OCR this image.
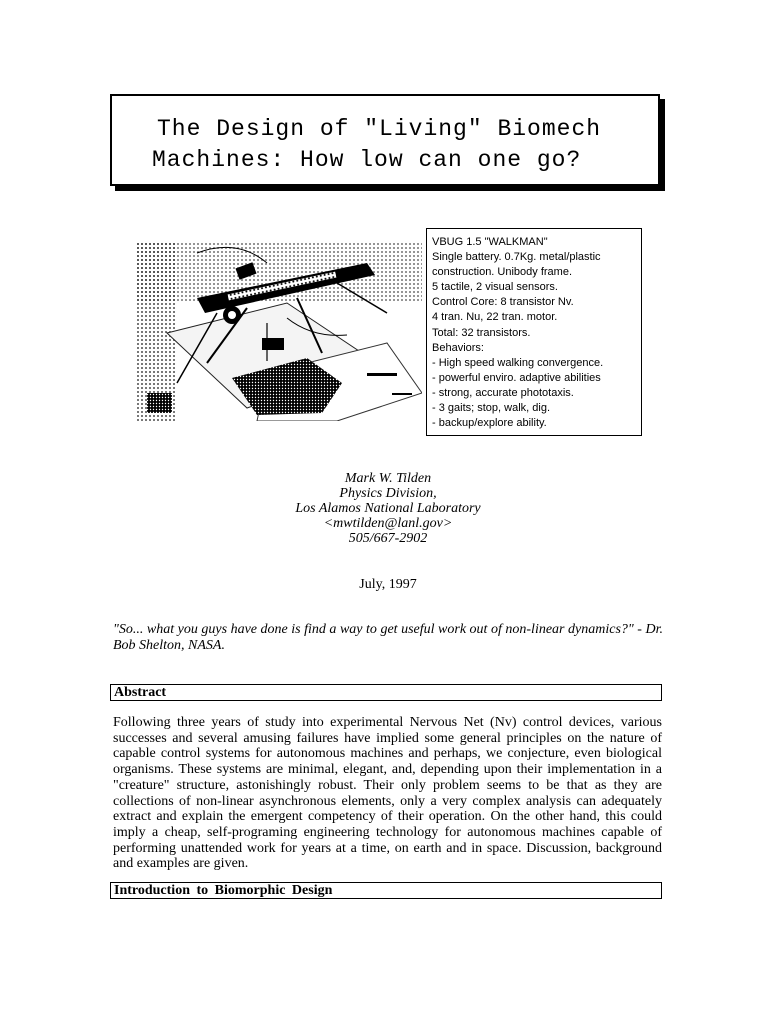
The Design of "Living" Biomech
Machines: How low can one go?
VBUG 1.5 "WALKMAN"
Single battery. 0.7Kg. metal/plastic
construction. Unibody frame.
5 tactile, 2 visual sensors.
Control Core: 8 transistor Nv.
4 tran. Nu, 22 tran. motor.
Total: 32 transistors.
Behaviors:
- High speed walking convergence.
- powerful enviro. adaptive abilities
- strong, accurate phototaxis.
- 3 gaits; stop, walk, dig.
- backup/explore ability.
Mark W. Tilden
Physics Division,
Los Alamos National Laboratory
<mwtilden@lanl.gov>
505/667-2902
July, 1997
"So... what you guys have done is find a way to get useful work out of non-linear dynamics?" - Dr. Bob Shelton, NASA.
Abstract
Following three years of study into experimental Nervous Net (Nv) control devices, various successes and several amusing failures have implied some general principles on the nature of capable control systems for autonomous machines and perhaps, we conjecture, even biological organisms. These systems are minimal, elegant, and, depending upon their implementation in a "creature" structure, astonishingly robust. Their only problem seems to be that as they are collections of non-linear asynchronous elements, only a very complex analysis can adequately extract and explain the emergent competency of their operation. On the other hand, this could imply a cheap, self-programing engineering technology for autonomous machines capable of performing unattended work for years at a time, on earth and in space. Discussion, background and examples are given.
Introduction to Biomorphic Design
